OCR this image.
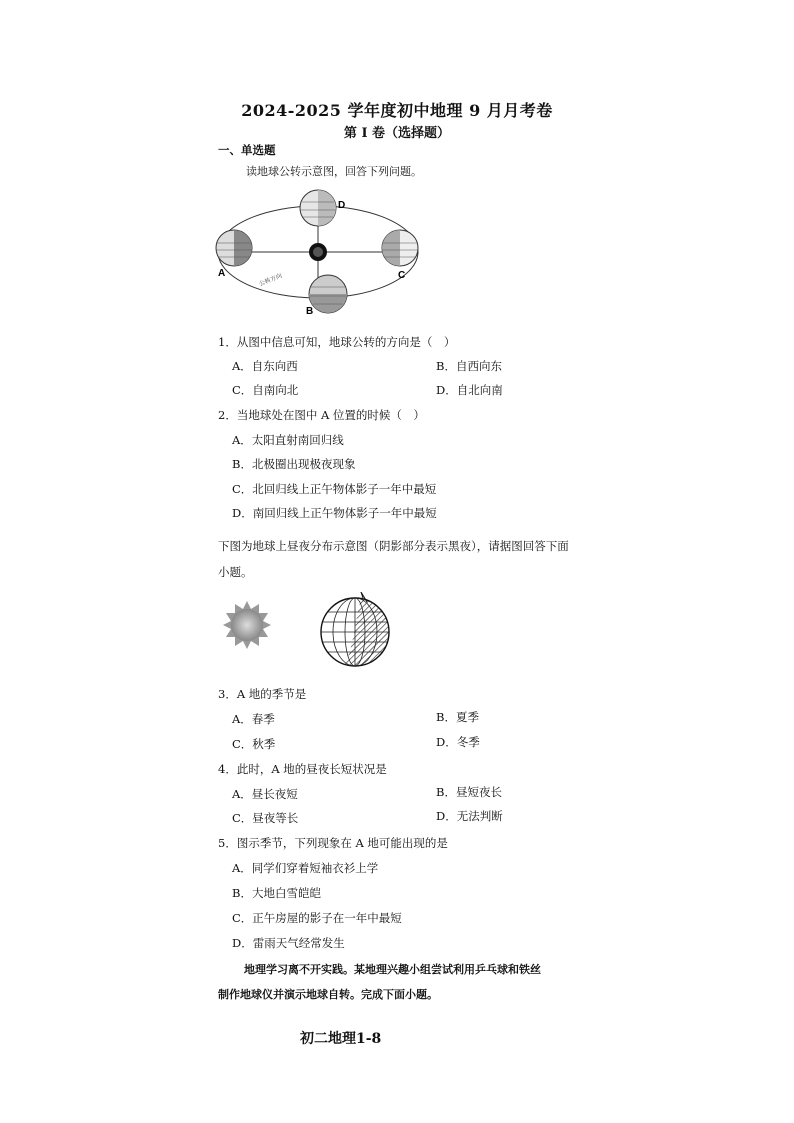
2024-2025 学年度初中地理 9 月月考卷
第 I 卷（选择题）
一、单选题
读地球公转示意图，回答下列问题。
D
A	C
B
公转方向
1．从图中信息可知，地球公转的方向是（　）
A．自东向西	B．自西向东
C．自南向北	D．自北向南
2．当地球处在图中 A 位置的时候（　）
A．太阳直射南回归线
B．北极圈出现极夜现象
C．北回归线上正午物体影子一年中最短
D．南回归线上正午物体影子一年中最短
下图为地球上昼夜分布示意图（阴影部分表示黑夜），请据图回答下面
小题。
3．A 地的季节是
A．春季	B．夏季
C．秋季	D．冬季
4．此时，A 地的昼夜长短状况是
A．昼长夜短	B．昼短夜长
C．昼夜等长	D．无法判断
5．图示季节，下列现象在 A 地可能出现的是
A．同学们穿着短袖衣衫上学
B．大地白雪皑皑
C．正午房屋的影子在一年中最短
D．雷雨天气经常发生
地理学习离不开实践。某地理兴趣小组尝试利用乒乓球和铁丝
制作地球仪并演示地球自转。完成下面小题。
初二地理1-8
